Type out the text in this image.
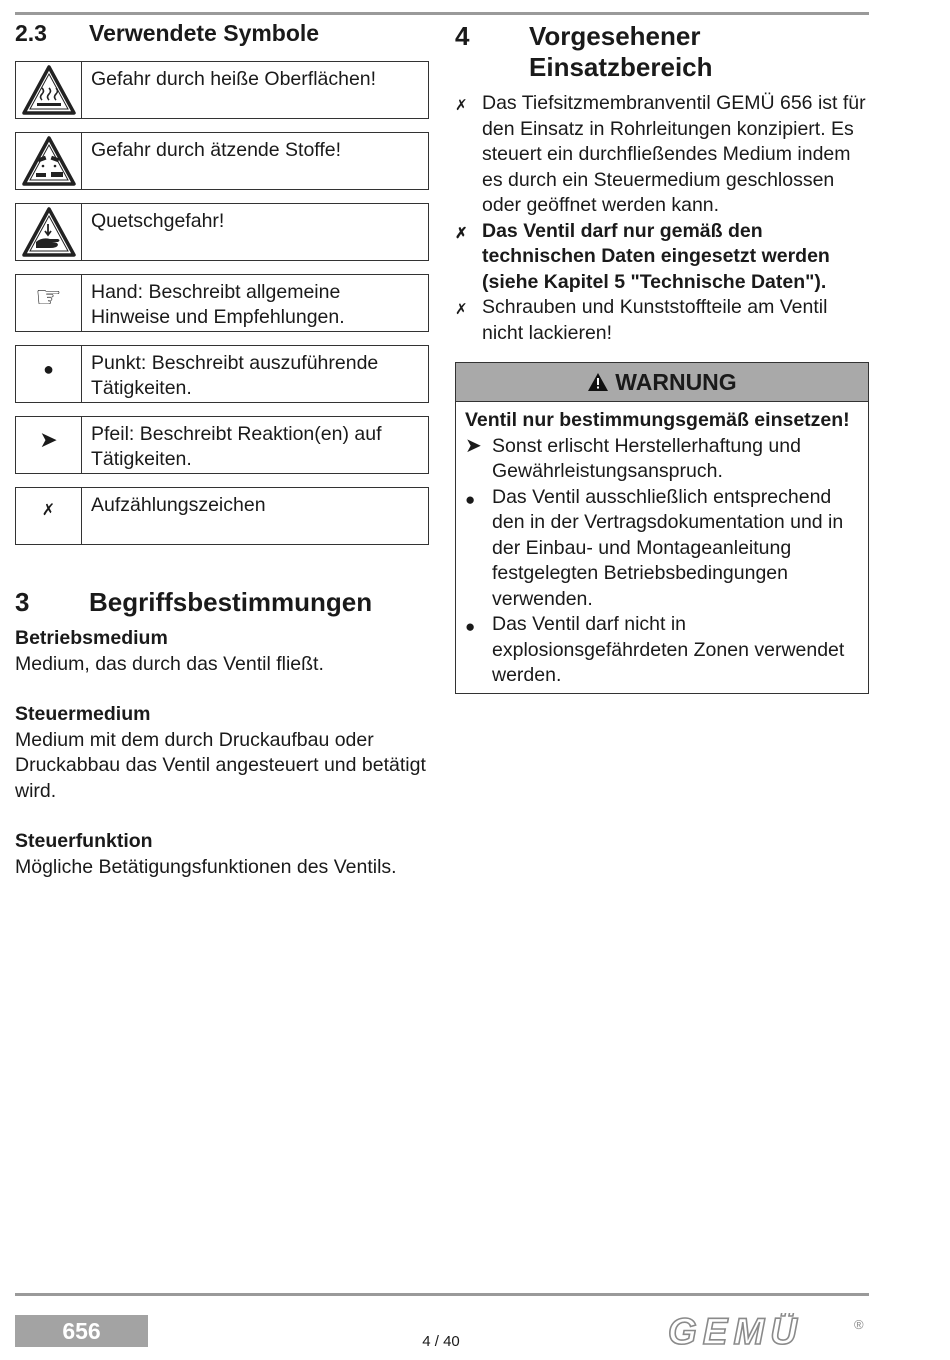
2.3	Verwendete Symbole
Gefahr durch heiße Oberflächen!
Gefahr durch ätzende Stoffe!
Quetschgefahr!
☞	Hand: Beschreibt allgemeine Hinweise und Empfehlungen.
●	Punkt: Beschreibt auszuführende Tätigkeiten.
➤	Pfeil: Beschreibt Reaktion(en) auf Tätigkeiten.
✗	Aufzählungszeichen
3	Begriffsbestimmungen
Betriebsmedium
Medium, das durch das Ventil fließt.
Steuermedium
Medium mit dem durch Druckaufbau oder Druckabbau das Ventil angesteuert und betätigt wird.
Steuerfunktion
Mögliche Betätigungsfunktionen des Ventils.
4	Vorgesehener
Einsatzbereich
✗ Das Tiefsitzmembranventil GEMÜ 656 ist für den Einsatz in Rohrleitungen konzipiert. Es steuert ein durchfließendes Medium indem es durch ein Steuermedium geschlossen oder geöffnet werden kann.
✗ Das Ventil darf nur gemäß den technischen Daten eingesetzt werden (siehe Kapitel 5 "Technische Daten").
✗ Schrauben und Kunststoffteile am Ventil nicht lackieren!
WARNUNG
Ventil nur bestimmungsgemäß einsetzen!
➤ Sonst erlischt Herstellerhaftung und Gewährleistungsanspruch.
● Das Ventil ausschließlich entsprechend den in der Vertragsdokumentation und in der Einbau- und Montageanleitung festgelegten Betriebsbedingungen verwenden.
● Das Ventil darf nicht in explosionsgefährdeten Zonen verwendet werden.
656	4 / 40	GEMÜ	®
